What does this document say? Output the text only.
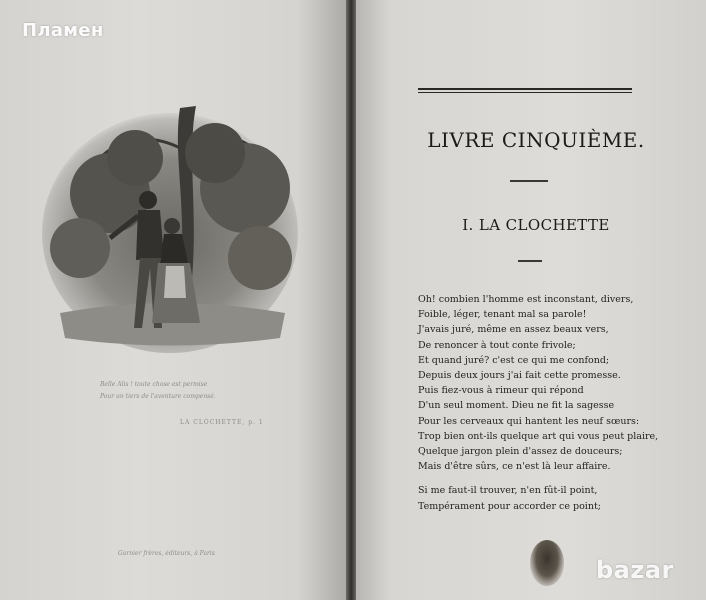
Пламен
Belle Alis ! toute chose est permise
Pour un tiers de l'aventure compensé.
LA CLOCHETTE, p. 1
Garnier frères, éditeurs, à Paris
LIVRE CINQUIÈME.
I. LA CLOCHETTE
Oh! combien l'homme est inconstant, divers,
Foible, léger, tenant mal sa parole!
J'avais juré, même en assez beaux vers,
De renoncer à tout conte frivole;
Et quand juré? c'est ce qui me confond;
Depuis deux jours j'ai fait cette promesse.
Puis fiez-vous à rimeur qui répond
D'un seul moment. Dieu ne fit la sagesse
Pour les cerveaux qui hantent les neuf sœurs:
Trop bien ont-ils quelque art qui vous peut plaire,
Quelque jargon plein d'assez de douceurs;
Mais d'être sûrs, ce n'est là leur affaire.
Si me faut-il trouver, n'en fût-il point,
Tempérament pour accorder ce point;
bazar
